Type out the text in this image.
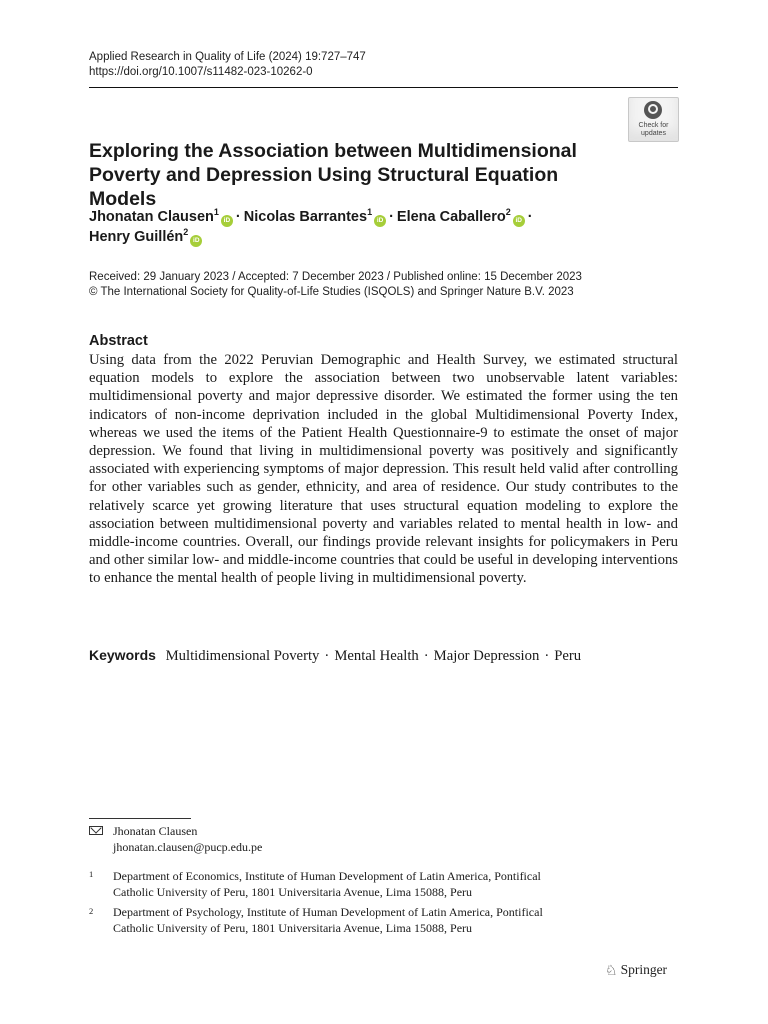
Applied Research in Quality of Life (2024) 19:727–747
https://doi.org/10.1007/s11482-023-10262-0
Check for
updates
Exploring the Association between Multidimensional
Poverty and Depression Using Structural Equation Models
Jhonatan Clausen$^1$iD · Nicolas Barrantes$^1$iD · Elena Caballero$^2$iD ·
Henry Guillén$^2$iD
Received: 29 January 2023 / Accepted: 7 December 2023 / Published online: 15 December 2023
© The International Society for Quality-of-Life Studies (ISQOLS) and Springer Nature B.V. 2023
Abstract

Using data from the 2022 Peruvian Demographic and Health Survey, we estimated structural equation models to explore the association between two unobservable latent variables: multidimensional poverty and major depressive disorder. We estimated the former using the ten indicators of non-income deprivation included in the global Multidimensional Poverty Index, whereas we used the items of the Patient Health Questionnaire-9 to estimate the onset of major depression. We found that living in multidimensional poverty was positively and significantly associated with experiencing symptoms of major depression. This result held valid after controlling for other variables such as gender, ethnicity, and area of residence. Our study contributes to the relatively scarce yet growing literature that uses structural equation modeling to explore the association between multidimensional poverty and variables related to mental health in low- and middle-income countries. Overall, our findings provide relevant insights for policymakers in Peru and other similar low- and middle-income countries that could be useful in developing interventions to enhance the mental health of people living in multidimensional poverty.

Keywords Multidimensional Poverty · Mental Health · Major Depression · Peru
Jhonatan Clausen
jhonatan.clausen@pucp.edu.pe
1 Department of Economics, Institute of Human Development of Latin America, Pontifical
Catholic University of Peru, 1801 Universitaria Avenue, Lima 15088, Peru
2 Department of Psychology, Institute of Human Development of Latin America, Pontifical
Catholic University of Peru, 1801 Universitaria Avenue, Lima 15088, Peru
♘ Springer
